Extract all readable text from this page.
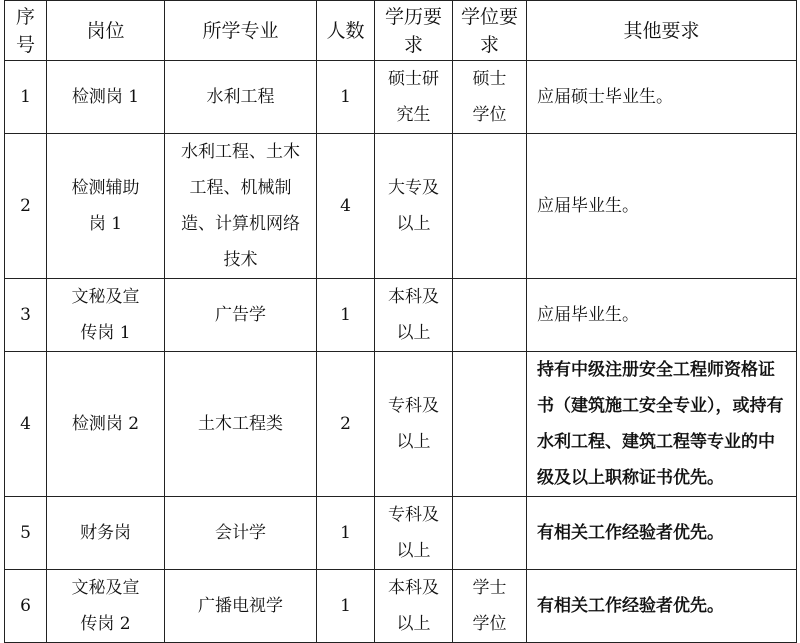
序号	岗位	所学专业	人数	学历要求	学位要求	其他要求

1	检测岗 1	水利工程	1	硕士研
究生	硕士
学位	应届硕士毕业生。

2	检测辅助
岗 1	水利工程、土木
工程、机械制
造、计算机网络
技术	4	大专及
以上		应届毕业生。

3	文秘及宣
传岗 1	广告学	1	本科及
以上		应届毕业生。

4	检测岗 2	土木工程类	2	专科及
以上		持有中级注册安全工程师资格证
书（建筑施工安全专业），或持有
水利工程、建筑工程等专业的中
级及以上职称证书优先。

5	财务岗	会计学	1	专科及
以上		有相关工作经验者优先。

6	文秘及宣
传岗 2	广播电视学	1	本科及
以上	学士
学位	有相关工作经验者优先。
